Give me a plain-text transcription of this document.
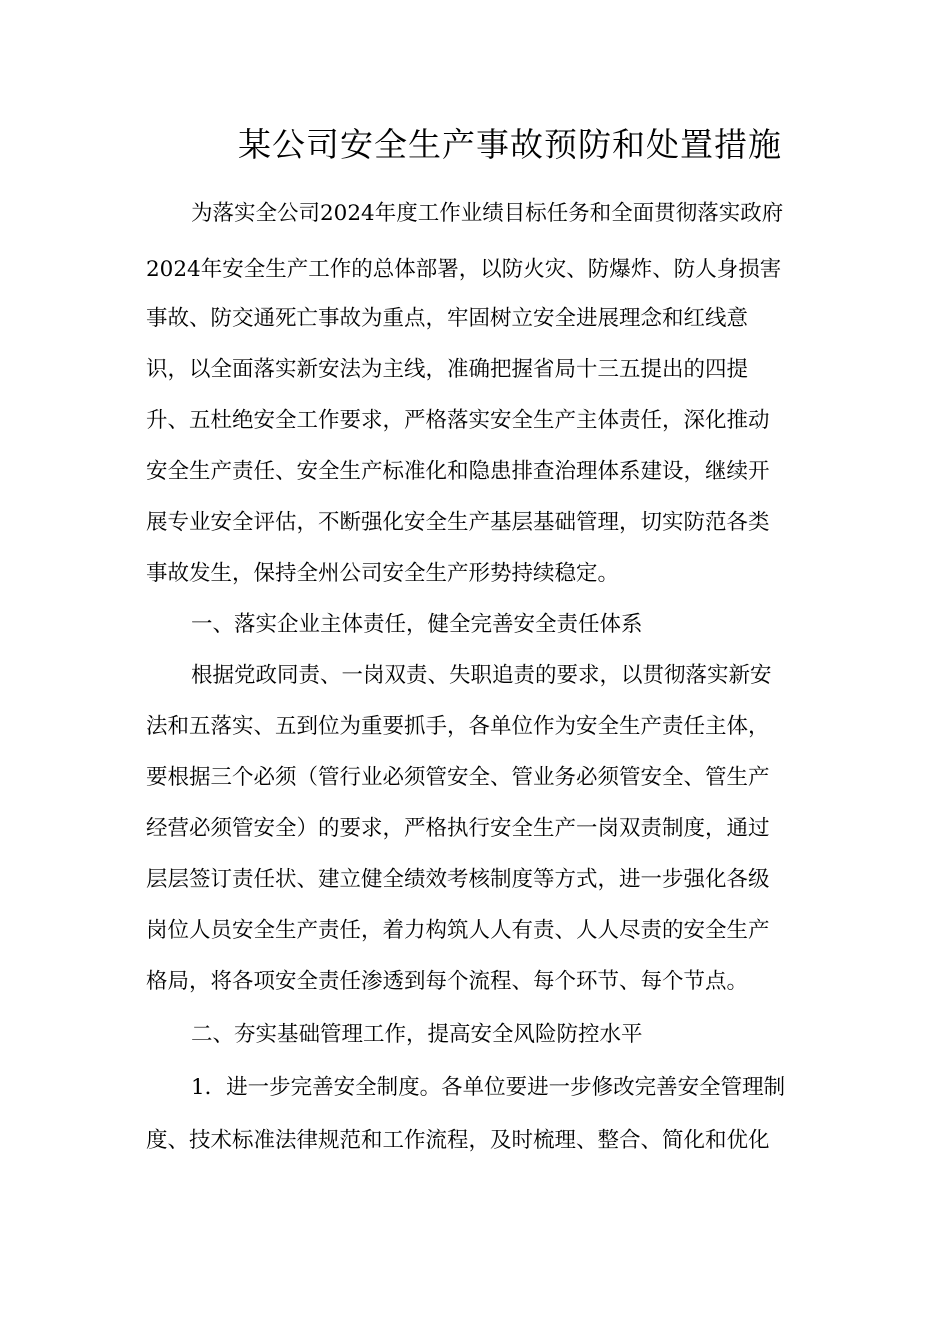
某公司安全生产事故预防和处置措施
为落实全公司2024年度工作业绩目标任务和全面贯彻落实政府
2024年安全生产工作的总体部署，以防火灾、防爆炸、防人身损害
事故、防交通死亡事故为重点，牢固树立安全进展理念和红线意
识，以全面落实新安法为主线，准确把握省局十三五提出的四提
升、五杜绝安全工作要求，严格落实安全生产主体责任，深化推动
安全生产责任、安全生产标准化和隐患排查治理体系建设，继续开
展专业安全评估，不断强化安全生产基层基础管理，切实防范各类
事故发生，保持全州公司安全生产形势持续稳定。
一、落实企业主体责任，健全完善安全责任体系
根据党政同责、一岗双责、失职追责的要求，以贯彻落实新安
法和五落实、五到位为重要抓手，各单位作为安全生产责任主体，
要根据三个必须（管行业必须管安全、管业务必须管安全、管生产
经营必须管安全）的要求，严格执行安全生产一岗双责制度，通过
层层签订责任状、建立健全绩效考核制度等方式，进一步强化各级
岗位人员安全生产责任，着力构筑人人有责、人人尽责的安全生产
格局，将各项安全责任渗透到每个流程、每个环节、每个节点。
二、夯实基础管理工作，提高安全风险防控水平
1．进一步完善安全制度。各单位要进一步修改完善安全管理制
度、技术标准法律规范和工作流程，及时梳理、整合、简化和优化
